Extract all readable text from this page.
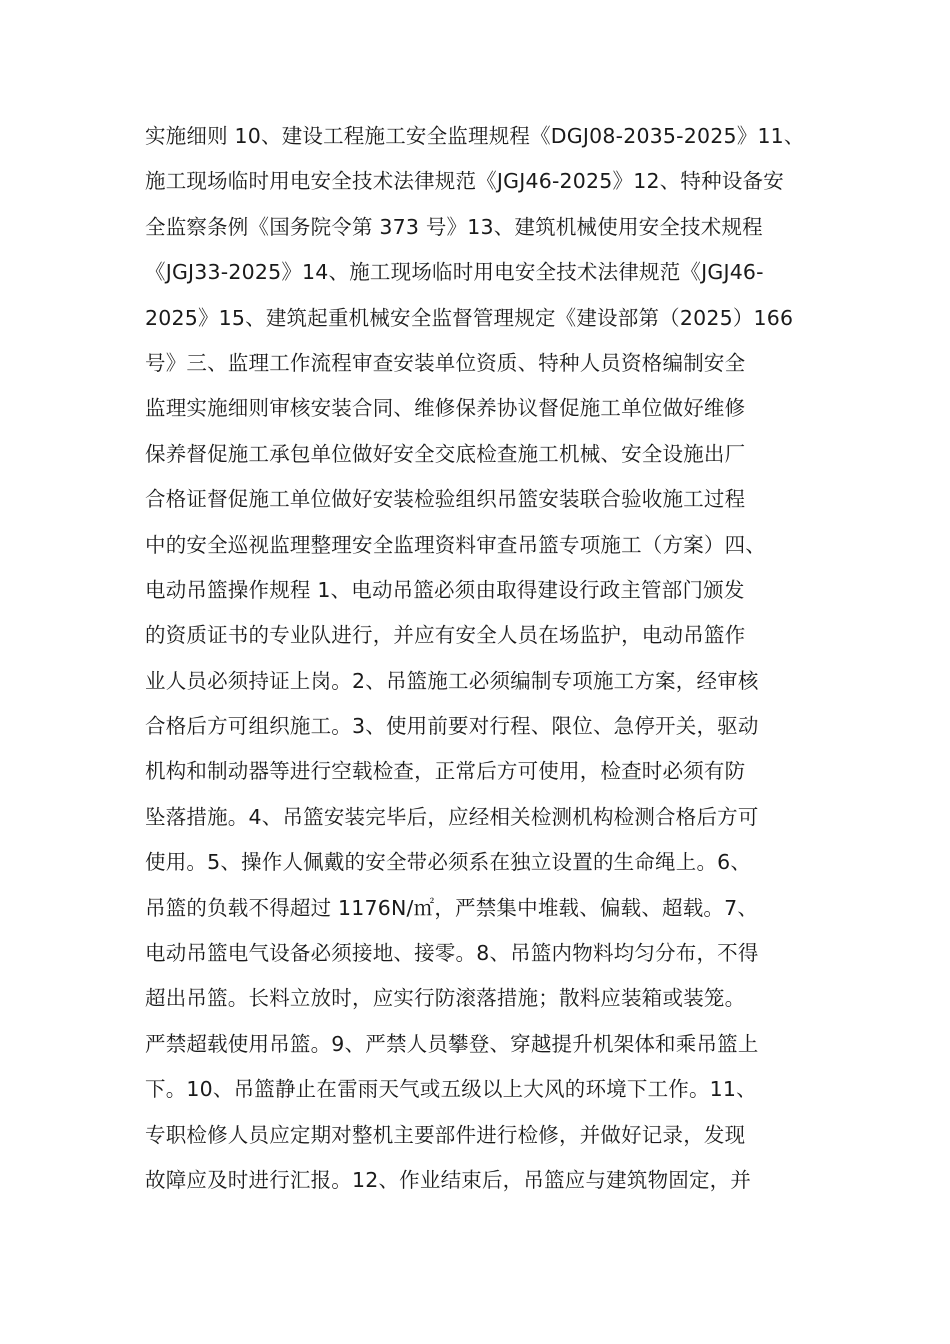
实施细则 10、建设工程施工安全监理规程《DGJ08-2035-2025》11、
施工现场临时用电安全技术法律规范《JGJ46-2025》12、特种设备安
全监察条例《国务院令第 373 号》13、建筑机械使用安全技术规程
《JGJ33-2025》14、施工现场临时用电安全技术法律规范《JGJ46-
2025》15、建筑起重机械安全监督管理规定《建设部第（2025）166
号》三、监理工作流程审查安装单位资质、特种人员资格编制安全
监理实施细则审核安装合同、维修保养协议督促施工单位做好维修
保养督促施工承包单位做好安全交底检查施工机械、安全设施出厂
合格证督促施工单位做好安装检验组织吊篮安装联合验收施工过程
中的安全巡视监理整理安全监理资料审查吊篮专项施工（方案）四、
电动吊篮操作规程 1、电动吊篮必须由取得建设行政主管部门颁发
的资质证书的专业队进行，并应有安全人员在场监护，电动吊篮作
业人员必须持证上岗。2、吊篮施工必须编制专项施工方案，经审核
合格后方可组织施工。3、使用前要对行程、限位、急停开关，驱动
机构和制动器等进行空载检查，正常后方可使用，检查时必须有防
坠落措施。4、吊篮安装完毕后，应经相关检测机构检测合格后方可
使用。5、操作人佩戴的安全带必须系在独立设置的生命绳上。6、
吊篮的负载不得超过 1176N/㎡，严禁集中堆载、偏载、超载。7、
电动吊篮电气设备必须接地、接零。8、吊篮内物料均匀分布，不得
超出吊篮。长料立放时，应实行防滚落措施；散料应装箱或装笼。
严禁超载使用吊篮。9、严禁人员攀登、穿越提升机架体和乘吊篮上
下。10、吊篮静止在雷雨天气或五级以上大风的环境下工作。11、
专职检修人员应定期对整机主要部件进行检修，并做好记录，发现
故障应及时进行汇报。12、作业结束后，吊篮应与建筑物固定，并
